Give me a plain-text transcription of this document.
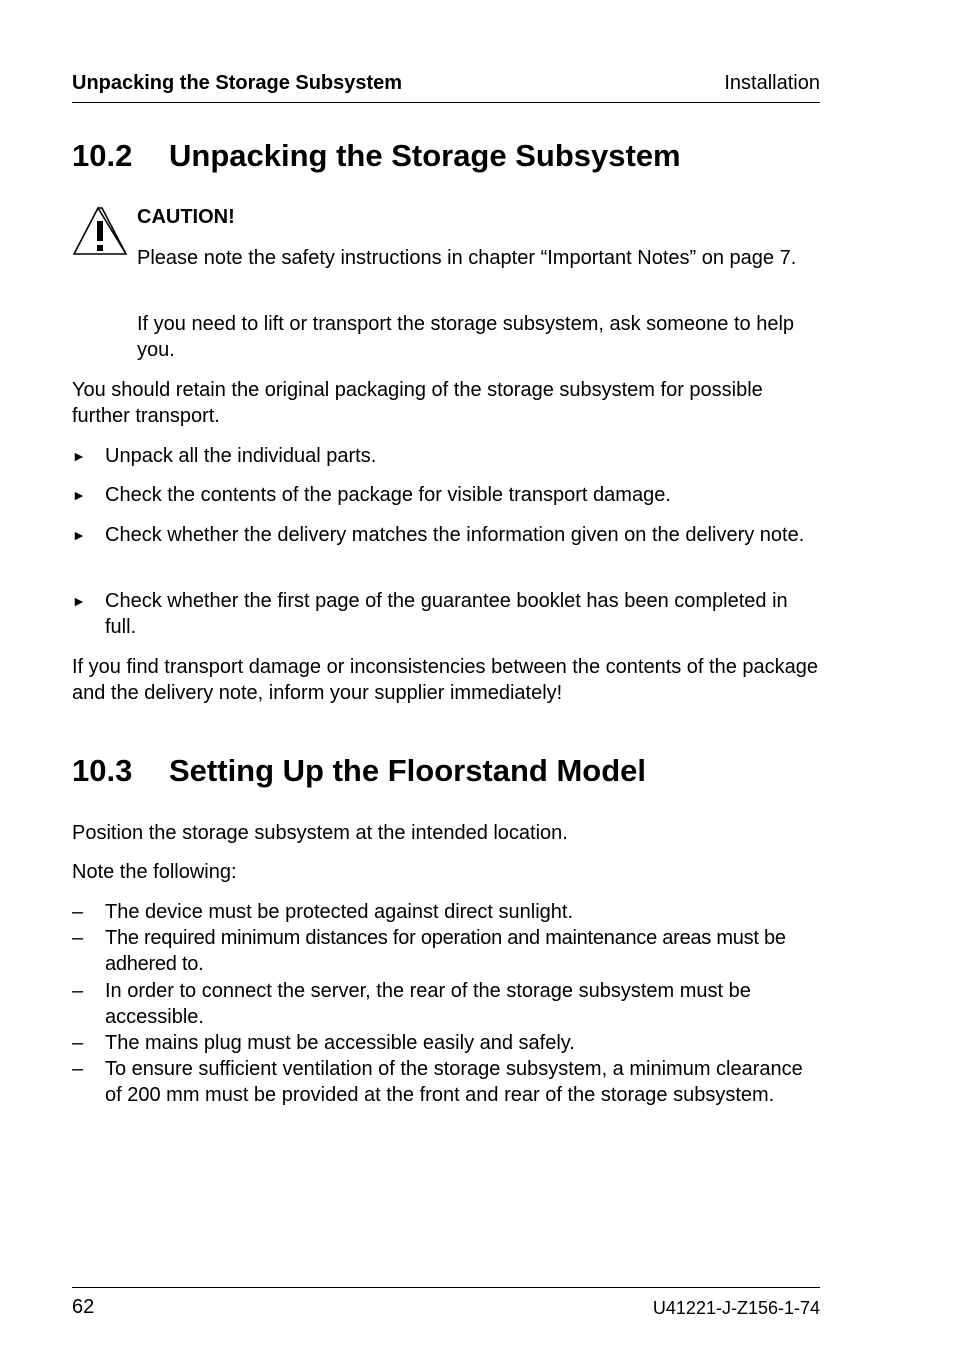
Unpacking the Storage Subsystem	Installation
10.2 Unpacking the Storage Subsystem
CAUTION!

Please note the safety instructions in chapter “Important Notes” on page 7.

If you need to lift or transport the storage subsystem, ask someone to help you.

You should retain the original packaging of the storage subsystem for possible further transport.

► Unpack all the individual parts.
► Check the contents of the package for visible transport damage.
► Check whether the delivery matches the information given on the delivery note.
► Check whether the first page of the guarantee booklet has been completed in full.

If you find transport damage or inconsistencies between the contents of the package and the delivery note, inform your supplier immediately!

10.3 Setting Up the Floorstand Model

Position the storage subsystem at the intended location.

Note the following:

– The device must be protected against direct sunlight.
– The required minimum distances for operation and maintenance areas must be adhered to.
– In order to connect the server, the rear of the storage subsystem must be accessible.
– The mains plug must be accessible easily and safely.
– To ensure sufficient ventilation of the storage subsystem, a minimum clearance of 200 mm must be provided at the front and rear of the storage subsystem.
62	U41221-J-Z156-1-74
